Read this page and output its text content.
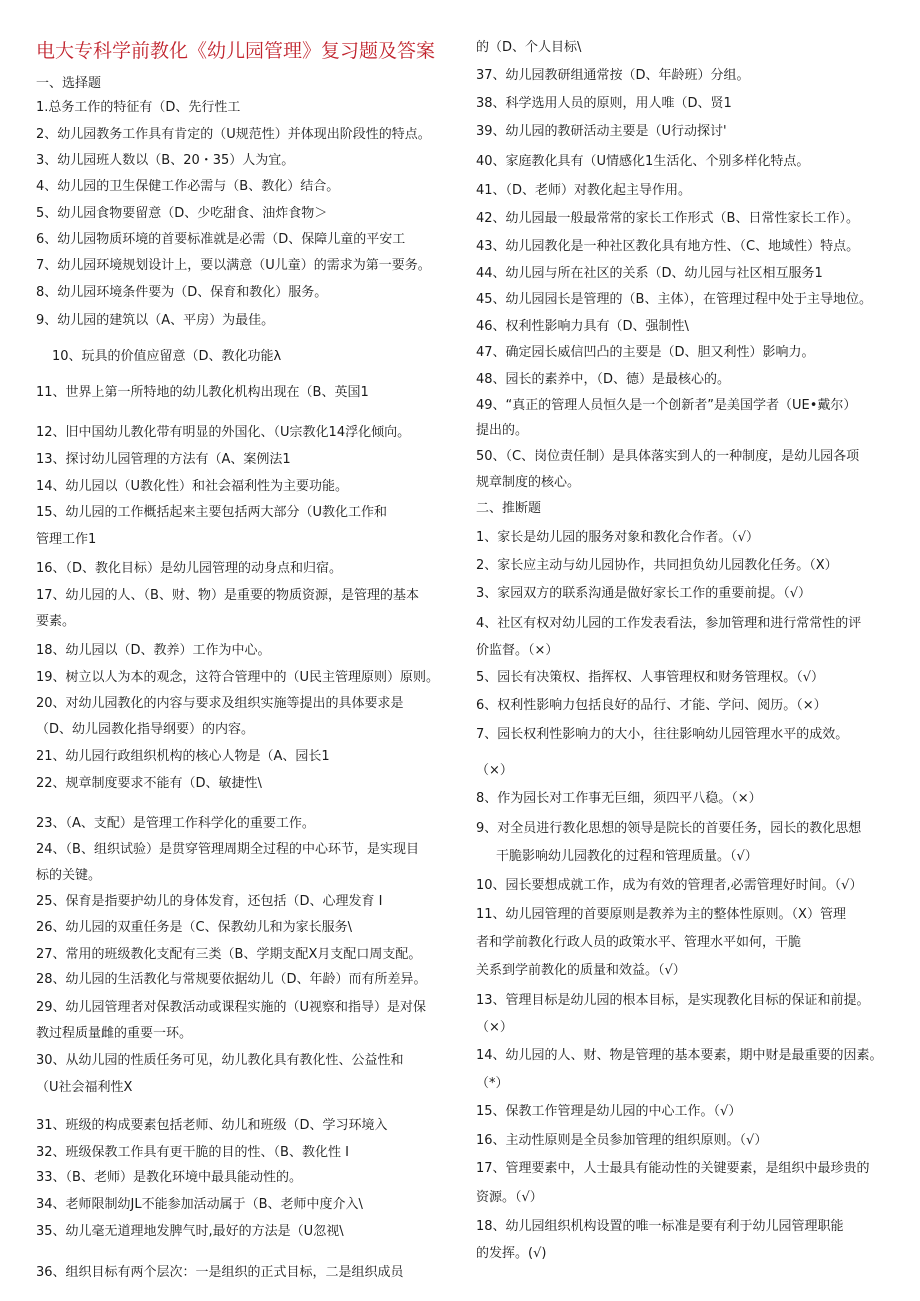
电大专科学前教化《幼儿园管理》复习题及答案
一、选择题
1.总务工作的特征有（D、先行性工
2、幼儿园教务工作具有肯定的（U规范性）并体现出阶段性的特点。
3、幼儿园班人数以（B、20・35）人为宜。
4、幼儿园的卫生保健工作必需与（B、教化）结合。
5、幼儿园食物要留意（D、少吃甜食、油炸食物＞
6、幼儿园物质环境的首要标准就是必需（D、保障儿童的平安工
7、幼儿园环境规划设计上，要以满意（U儿童）的需求为第一要务。
8、幼儿园环境条件要为（D、保育和教化）服务。
9、幼儿园的建筑以（A、平房）为最佳。
10、玩具的价值应留意（D、教化功能λ
11、世界上第一所特地的幼儿教化机构出现在（B、英国1
12、旧中国幼儿教化带有明显的外国化、（U宗教化14浮化倾向。
13、探讨幼儿园管理的方法有（A、案例法1
14、幼儿园以（U教化性）和社会福利性为主要功能。
15、幼儿园的工作概括起来主要包括两大部分（U教化工作和
管理工作1
16、（D、教化目标）是幼儿园管理的动身点和归宿。
17、幼儿园的人、（B、财、物）是重要的物质资源，是管理的基本
要素。
18、幼儿园以（D、教养）工作为中心。
19、树立以人为本的观念，这符合管理中的（U民主管理原则）原则。
20、对幼儿园教化的内容与要求及组织实施等提出的具体要求是
（D、幼儿园教化指导纲要）的内容。
21、幼儿园行政组织机构的核心人物是（A、园长1
22、规章制度要求不能有（D、敏捷性\
23、（A、支配）是管理工作科学化的重要工作。
24、（B、组织试验）是贯穿管理周期全过程的中心环节，是实现目
标的关键。
25、保育是指要护幼儿的身体发育，还包括（D、心理发育 I
26、幼儿园的双重任务是（C、保教幼儿和为家长服务\
27、常用的班级教化支配有三类（B、学期支配X月支配口周支配。
28、幼儿园的生活教化与常规要依据幼儿（D、年龄）而有所差异。
29、幼儿园管理者对保教活动或课程实施的（U视察和指导）是对保
教过程质量雌的重要一环。
30、从幼儿园的性质任务可见，幼儿教化具有教化性、公益性和
（U社会福利性X
31、班级的构成要素包括老师、幼儿和班级（D、学习环境入
32、班级保教工作具有更干脆的目的性、（B、教化性 I
33、（B、老师）是教化环境中最具能动性的。
34、老师限制幼JL不能参加活动属于（B、老师中度介入\
35、幼儿毫无道理地发脾气时,最好的方法是（U忽视\
36、组织目标有两个层次：一是组织的正式目标，二是组织成员
二、推断题
的（D、个人目标\
37、幼儿园教研组通常按（D、年龄班）分组。
38、科学选用人员的原则，用人唯（D、贤1
39、幼儿园的教研活动主要是（U行动探讨'
40、家庭教化具有（U情感化1生活化、个别多样化特点。
41、（D、老师）对教化起主导作用。
42、幼儿园最一般最常常的家长工作形式（B、日常性家长工作）。
43、幼儿园教化是一种社区教化具有地方性、（C、地域性）特点。
44、幼儿园与所在社区的关系（D、幼儿园与社区相互服务1
45、幼儿园园长是管理的（B、主体），在管理过程中处于主导地位。
46、权利性影响力具有（D、强制性\
47、确定园长威信凹凸的主要是（D、胆又利性）影响力。
48、园长的素养中，（D、德）是最核心的。
49、“真正的管理人员恒久是一个创新者”是美国学者（UE•戴尔）
提出的。
50、（C、岗位责任制）是具体落实到人的一种制度，是幼儿园各项
规章制度的核心。
1、家长是幼儿园的服务对象和教化合作者。（√）
2、家长应主动与幼儿园协作，共同担负幼儿园教化任务。（X）
3、家园双方的联系沟通是做好家长工作的重要前提。（√）
4、社区有权对幼儿园的工作发表看法，参加管理和进行常常性的评
价监督。（×）
5、园长有决策权、指挥权、人事管理权和财务管理权。（√）
6、权利性影响力包括良好的品行、才能、学问、阅历。（×）
7、园长权利性影响力的大小，往往影响幼儿园管理水平的成效。
（×）
8、作为园长对工作事无巨细，须四平八稳。（×）
9、对全员进行教化思想的领导是院长的首要任务，园长的教化思想
干脆影响幼儿园教化的过程和管理质量。（√）
10、园长要想成就工作，成为有效的管理者,必需管理好时间。（√）
11、幼儿园管理的首要原则是教养为主的整体性原则。（X）管理
者和学前教化行政人员的政策水平、管理水平如何，干脆
关系到学前教化的质量和效益。（√）
13、管理目标是幼儿园的根本目标，是实现教化目标的保证和前提。
（×）
14、幼儿园的人、财、物是管理的基本要素，期中财是最重要的因素。
（*）
15、保教工作管理是幼儿园的中心工作。（√）
16、主动性原则是全员参加管理的组织原则。（√）
17、管理要素中，人士最具有能动性的关键要素，是组织中最珍贵的
资源。（√）
18、幼儿园组织机构设置的唯一标准是要有利于幼儿园管理职能
的发挥。(√)
